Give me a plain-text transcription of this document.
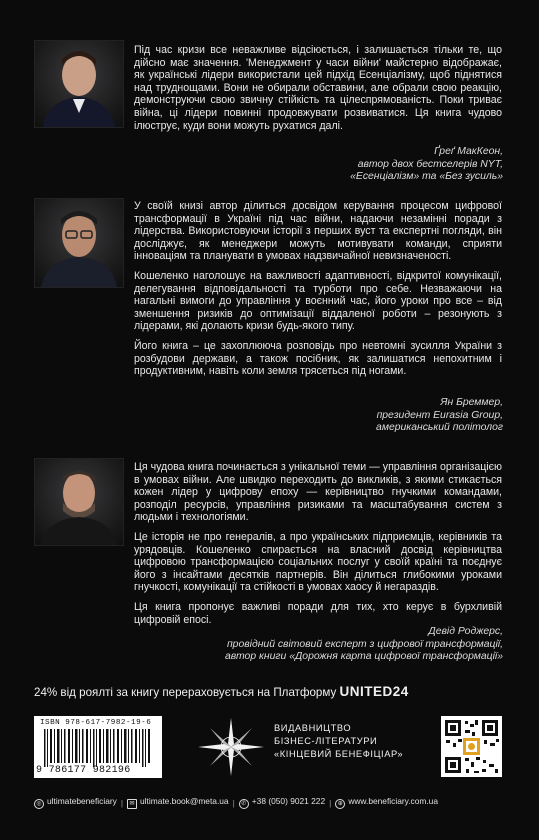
Під час кризи все неважливе відсіюється, і залишається тільки те, що дійсно має значення. 'Менеджмент у часи війни' майстерно відображає, як українські лідери використали цей підхід Есенціалізму, щоб піднятися над труднощами. Вони не обирали обставини, але обрали свою реакцію, демонструючи свою звичну стійкість та цілеспрямованість. Поки триває війна, ці лідери повинні продовжувати розвиватися. Ця книга чудово ілюструє, куди вони можуть рухатися далі.

Ґреґ МакКеон,
автор двох бестселерів NYT,
«Есенціалізм» та «Без зусиль»

У своїй книзі автор ділиться досвідом керування процесом цифрової трансформації в Україні під час війни, надаючи незамінні поради з лідерства. Використовуючи історії з перших вуст та експертні погляди, він досліджує, як менеджери можуть мотивувати команди, сприяти інноваціям та планувати в умовах надзвичайної невизначеності.

Кошеленко наголошує на важливості адаптивності, відкритої комунікації, делегування відповідальності та турботи про себе. Незважаючи на нагальні вимоги до управління у воєнний час, його уроки про все – від зменшення ризиків до оптимізації віддаленої роботи – резонують з лідерами, які долають кризи будь-якого типу.

Його книга – це захоплююча розповідь про невтомні зусилля України з розбудови держави, а також посібник, як залишатися непохитним і продуктивним, навіть коли земля трясеться під ногами.

Ян Бреммер,
президент Eurasia Group,
американський політолог

Ця чудова книга починається з унікальної теми — управління організацією в умовах війни. Але швидко переходить до викликів, з якими стикається кожен лідер у цифрову епоху — керівництво гнучкими командами, розподіл ресурсів, управління ризиками та масштабування систем з людьми і технологіями.

Це історія не про генералів, а про українських підприємців, керівників та урядовців. Кошеленко спирається на власний досвід керівництва цифровою трансформацією соціальних послуг у своїй країні та поєднує його з інсайтами десятків партнерів. Він ділиться глибокими уроками гнучкості, комунікації та стійкості в умовах хаосу й негараздів.

Ця книга пропонує важливі поради для тих, хто керує в бурхливій цифровій епосі.

Девід Роджерс,
провідний світовий експерт з цифрової трансформації,
автор книги «Дорожня карта цифрової трансформації»
24% від роялті за книгу перераховується на Платформу UNITED24
ISBN 978-617-7982-19-6
9 786177 982196
ВИДАВНИЦТВО
БІЗНЕС-ЛІТЕРАТУРИ
«КІНЦЕВИЙ БЕНЕФІЦІАР»
◎ ultimatebeneficiary |	✉ ultimate.book@meta.ua |	✆ +38 (050) 9021 222 |	⊕ www.beneficiary.com.ua
